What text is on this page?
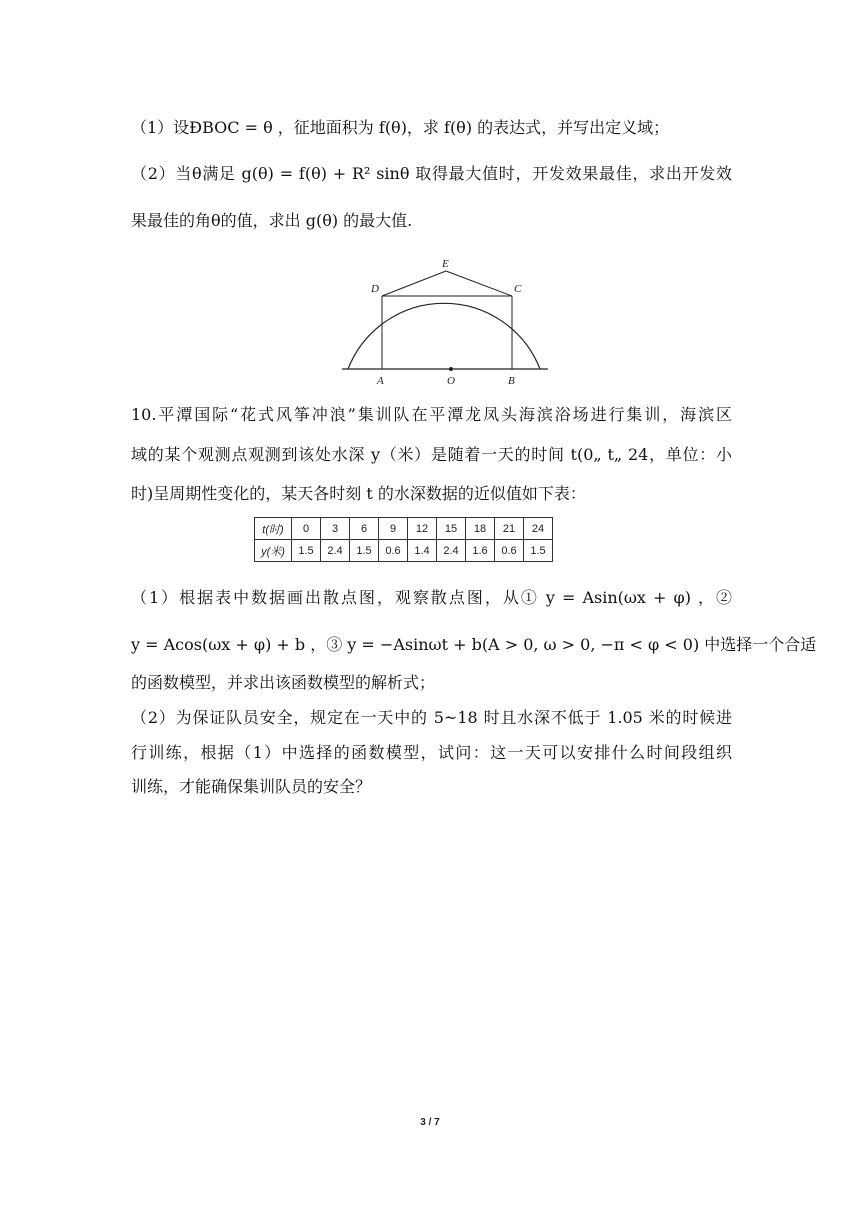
（1）设ÐBOC = θ ，征地面积为 f(θ)，求 f(θ) 的表达式，并写出定义域；
（2）当θ满足 g(θ) = f(θ) + R² sinθ 取得最大值时，开发效果最佳，求出开发效
果最佳的角θ的值，求出 g(θ) 的最大值.
A	O	B
C
D
E
10.平潭国际“花式风筝冲浪”集训队在平潭龙凤头海滨浴场进行集训，海滨区
域的某个观测点观测到该处水深 y（米）是随着一天的时间 t(0„ t„ 24，单位：小
时)呈周期性变化的，某天各时刻 t 的水深数据的近似值如下表：
t(时)	0	3	6	9	12	15	18	21	24
y(米)	1.5	2.4	1.5	0.6	1.4	2.4	1.6	0.6	1.5
（1）根据表中数据画出散点图，观察散点图，从① y = Asin(ωx + φ) ，②
y = Acos(ωx + φ) + b ，③ y = −Asinωt + b(A > 0, ω > 0, −π < φ < 0) 中选择一个合适
的函数模型，并求出该函数模型的解析式；
（2）为保证队员安全，规定在一天中的 5~18 时且水深不低于 1.05 米的时候进
行训练，根据（1）中选择的函数模型，试问：这一天可以安排什么时间段组织
训练，才能确保集训队员的安全？
3 / 7
